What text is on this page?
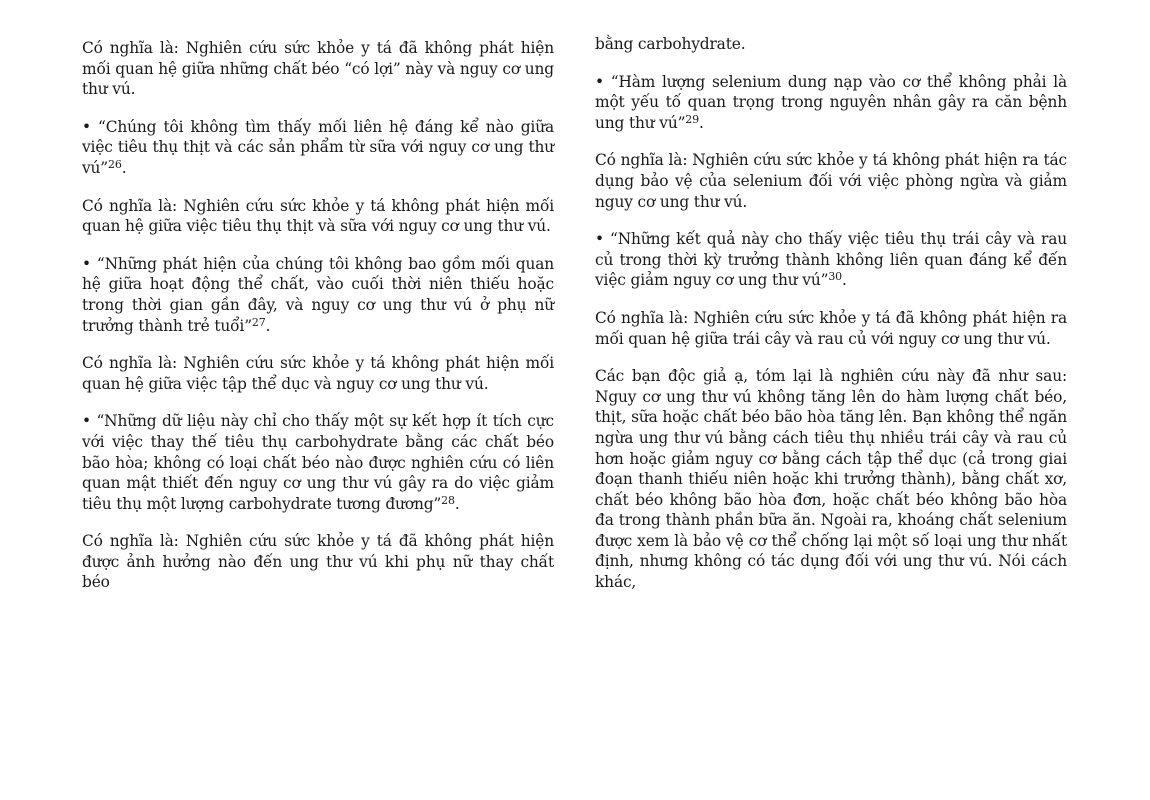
Có nghĩa là: Nghiên cứu sức khỏe y tá đã không phát hiện mối quan hệ giữa những chất béo “có lợi” này và nguy cơ ung thư vú.

• “Chúng tôi không tìm thấy mối liên hệ đáng kể nào giữa việc tiêu thụ thịt và các sản phẩm từ sữa với nguy cơ ung thư vú”$^{26}$.

Có nghĩa là: Nghiên cứu sức khỏe y tá không phát hiện mối quan hệ giữa việc tiêu thụ thịt và sữa với nguy cơ ung thư vú.

• “Những phát hiện của chúng tôi không bao gồm mối quan hệ giữa hoạt động thể chất, vào cuối thời niên thiếu hoặc trong thời gian gần đây, và nguy cơ ung thư vú ở phụ nữ trưởng thành trẻ tuổi”$^{27}$.

Có nghĩa là: Nghiên cứu sức khỏe y tá không phát hiện mối quan hệ giữa việc tập thể dục và nguy cơ ung thư vú.

• “Những dữ liệu này chỉ cho thấy một sự kết hợp ít tích cực với việc thay thế tiêu thụ carbohydrate bằng các chất béo bão hòa; không có loại chất béo nào được nghiên cứu có liên quan mật thiết đến nguy cơ ung thư vú gây ra do việc giảm tiêu thụ một lượng carbohydrate tương đương”$^{28}$.

Có nghĩa là: Nghiên cứu sức khỏe y tá đã không phát hiện được ảnh hưởng nào đến ung thư vú khi phụ nữ thay chất béo

bằng carbohydrate.

• “Hàm lượng selenium dung nạp vào cơ thể không phải là một yếu tố quan trọng trong nguyên nhân gây ra căn bệnh ung thư vú”$^{29}$.

Có nghĩa là: Nghiên cứu sức khỏe y tá không phát hiện ra tác dụng bảo vệ của selenium đối với việc phòng ngừa và giảm nguy cơ ung thư vú.

• “Những kết quả này cho thấy việc tiêu thụ trái cây và rau củ trong thời kỳ trưởng thành không liên quan đáng kể đến việc giảm nguy cơ ung thư vú”$^{30}$.

Có nghĩa là: Nghiên cứu sức khỏe y tá đã không phát hiện ra mối quan hệ giữa trái cây và rau củ với nguy cơ ung thư vú.

Các bạn độc giả ạ, tóm lại là nghiên cứu này đã như sau: Nguy cơ ung thư vú không tăng lên do hàm lượng chất béo, thịt, sữa hoặc chất béo bão hòa tăng lên. Bạn không thể ngăn ngừa ung thư vú bằng cách tiêu thụ nhiều trái cây và rau củ hơn hoặc giảm nguy cơ bằng cách tập thể dục (cả trong giai đoạn thanh thiếu niên hoặc khi trưởng thành), bằng chất xơ, chất béo không bão hòa đơn, hoặc chất béo không bão hòa đa trong thành phần bữa ăn. Ngoài ra, khoáng chất selenium được xem là bảo vệ cơ thể chống lại một số loại ung thư nhất định, nhưng không có tác dụng đối với ung thư vú. Nói cách khác,
